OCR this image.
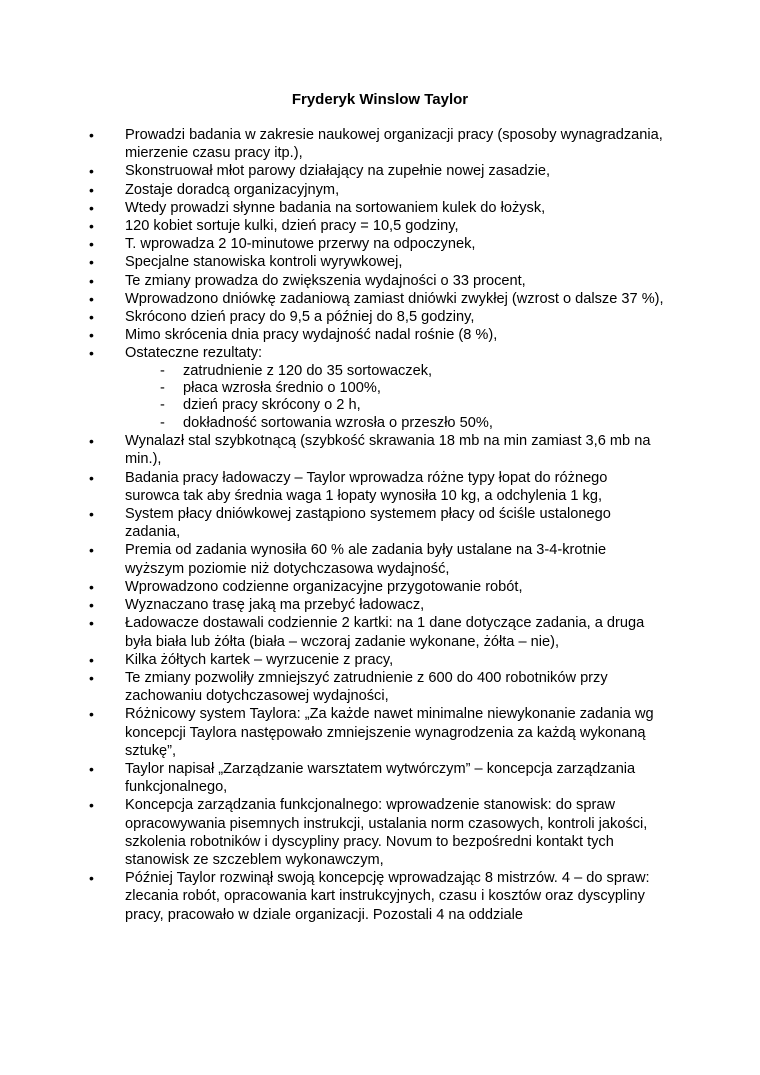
Fryderyk Winslow Taylor
• Prowadzi badania w zakresie naukowej organizacji pracy (sposoby wynagradzania, mierzenie czasu pracy itp.),
• Skonstruował młot parowy działający na zupełnie nowej zasadzie,
• Zostaje doradcą organizacyjnym,
• Wtedy prowadzi słynne badania na sortowaniem kulek do łożysk,
• 120 kobiet sortuje kulki, dzień pracy = 10,5 godziny,
• T. wprowadza 2 10-minutowe przerwy na odpoczynek,
• Specjalne stanowiska kontroli wyrywkowej,
• Te zmiany prowadza do zwiększenia wydajności o 33 procent,
• Wprowadzono dniówkę zadaniową zamiast dniówki zwykłej (wzrost o dalsze 37 %),
• Skrócono dzień pracy do 9,5 a później do 8,5 godziny,
• Mimo skrócenia dnia pracy wydajność nadal rośnie (8 %),
• Ostateczne rezultaty:
- zatrudnienie z 120 do 35 sortowaczek,
- płaca wzrosła średnio o 100%,
- dzień pracy skrócony o 2 h,
- dokładność sortowania wzrosła o przeszło 50%,
• Wynalazł stal szybkotnącą (szybkość skrawania 18 mb na min zamiast 3,6 mb na min.),
• Badania pracy ładowaczy – Taylor wprowadza różne typy łopat do różnego surowca tak aby średnia waga 1 łopaty wynosiła 10 kg, a odchylenia 1 kg,
• System płacy dniówkowej zastąpiono systemem płacy od ściśle ustalonego zadania,
• Premia od zadania wynosiła 60 % ale zadania były ustalane na 3-4-krotnie wyższym poziomie niż dotychczasowa wydajność,
• Wprowadzono codzienne organizacyjne przygotowanie robót,
• Wyznaczano trasę jaką ma przebyć ładowacz,
• Ładowacze dostawali codziennie 2 kartki: na 1 dane dotyczące zadania, a druga była biała lub żółta (biała – wczoraj zadanie wykonane, żółta – nie),
• Kilka żółtych kartek – wyrzucenie z pracy,
• Te zmiany pozwoliły zmniejszyć zatrudnienie z 600 do 400 robotników przy zachowaniu dotychczasowej wydajności,
• Różnicowy system Taylora: „Za każde nawet minimalne niewykonanie zadania wg koncepcji Taylora następowało zmniejszenie wynagrodzenia za każdą wykonaną sztukę”,
• Taylor napisał „Zarządzanie warsztatem wytwórczym” – koncepcja zarządzania funkcjonalnego,
• Koncepcja zarządzania funkcjonalnego: wprowadzenie stanowisk: do spraw opracowywania pisemnych instrukcji, ustalania norm czasowych, kontroli jakości, szkolenia robotników i dyscypliny pracy. Novum to bezpośredni kontakt tych stanowisk ze szczeblem wykonawczym,
• Później Taylor rozwinął swoją koncepcję wprowadzając 8 mistrzów. 4 – do spraw: zlecania robót, opracowania kart instrukcyjnych, czasu i kosztów oraz dyscypliny pracy, pracowało w dziale organizacji. Pozostali 4 na oddziale
